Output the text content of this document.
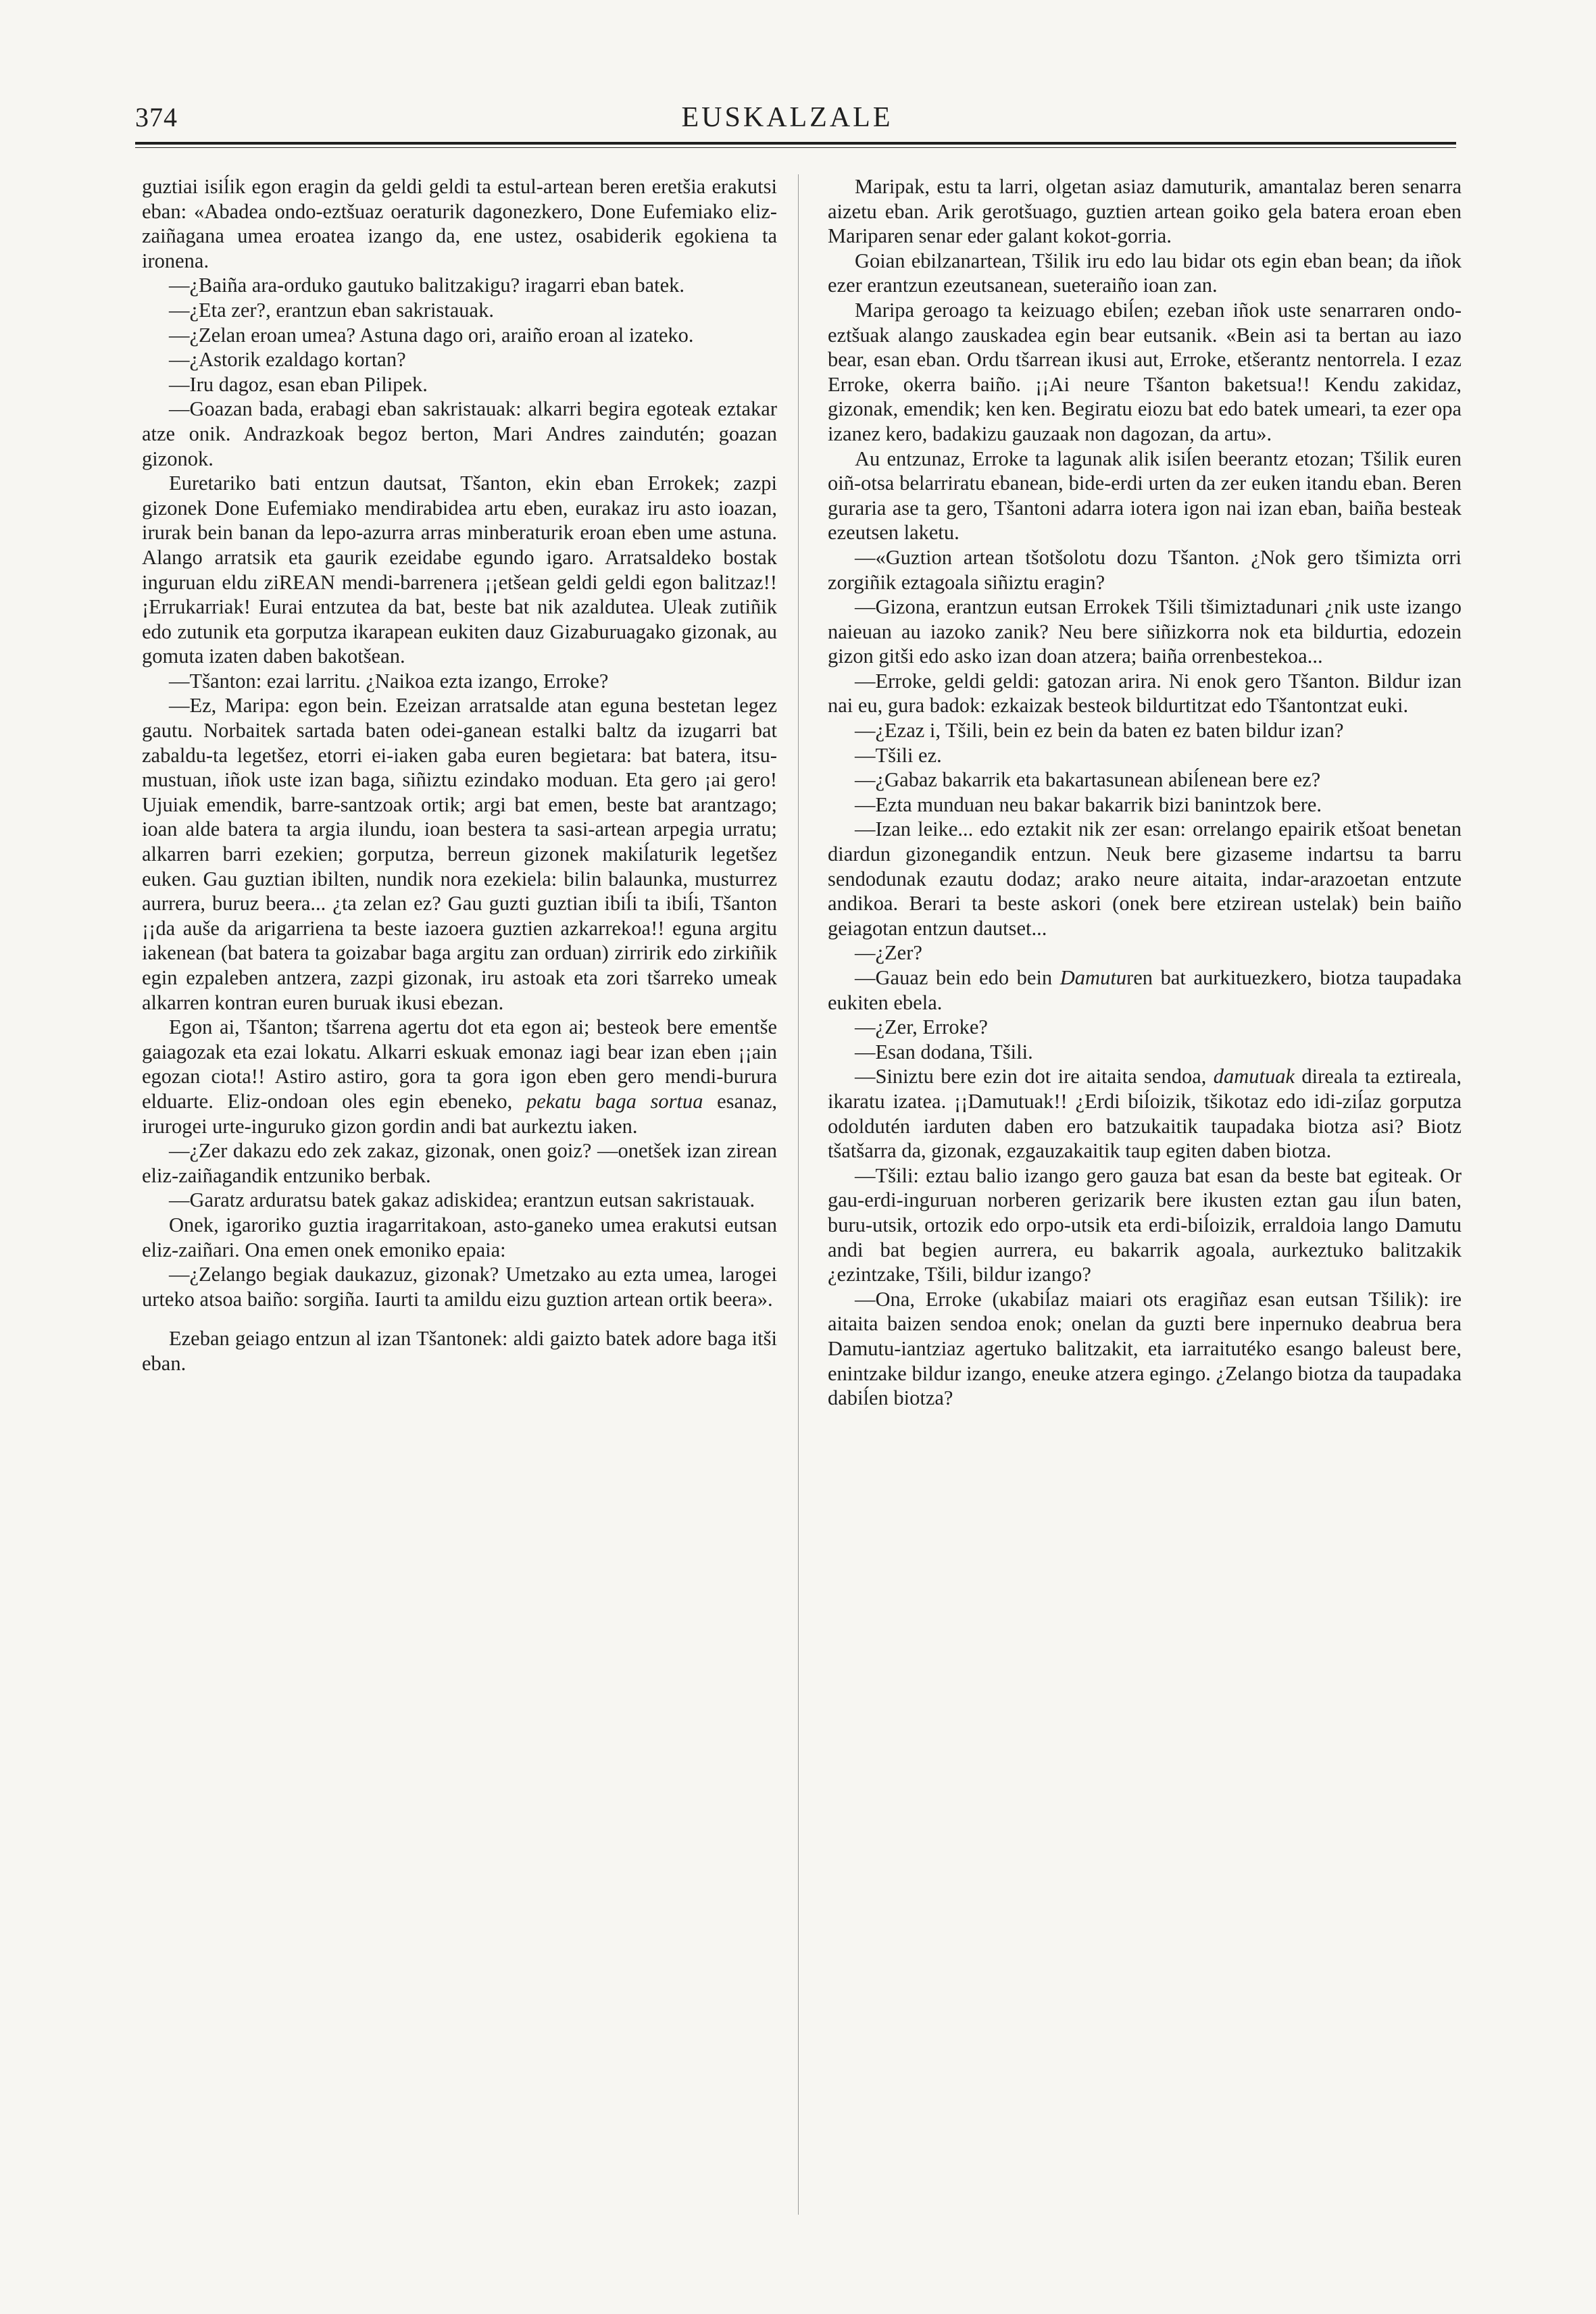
374	EUSKALZALE

guztiai isiĺik egon eragin da geldi geldi ta estul-artean beren eretšia erakutsi eban: «Abadea ondo-eztšuaz oeraturik dagonezkero, Done Eufemiako eliz-zaiñagana umea eroatea izango da, ene ustez, osabiderik egokiena ta ironena.

—¿Baiña ara-orduko gautuko balitzakigu? iragarri eban batek.

—¿Eta zer?, erantzun eban sakristauak.

—¿Zelan eroan umea? Astuna dago ori, araiño eroan al izateko.

—¿Astorik ezaldago kortan?

—Iru dagoz, esan eban Pilipek.

—Goazan bada, erabagi eban sakristauak: alkarri begira egoteak eztakar atze onik. Andrazkoak begoz berton, Mari Andres zaindutén; goazan gizonok.

Euretariko bati entzun dautsat, Tšanton, ekin eban Errokek; zazpi gizonek Done Eufemiako mendirabidea artu eben, eurakaz iru asto ioazan, irurak bein banan da lepo-azurra arras minberaturik eroan eben ume astuna. Alango arratsik eta gaurik ezeidabe egundo igaro. Arratsaldeko bostak inguruan eldu ziREAN mendi-barrenera ¡¡etšean geldi geldi egon balitzaz!! ¡Errukarriak! Eurai entzutea da bat, beste bat nik azaldutea. Uleak zutiñik edo zutunik eta gorputza ikarapean eukiten dauz Gizaburuagako gizonak, au gomuta izaten daben bakotšean.

—Tšanton: ezai larritu. ¿Naikoa ezta izango, Erroke?

—Ez, Maripa: egon bein. Ezeizan arratsalde atan eguna bestetan legez gautu. Norbaitek sartada baten odei-ganean estalki baltz da izugarri bat zabaldu-ta legetšez, etorri ei-iaken gaba euren begietara: bat batera, itsu-mustuan, iñok uste izan baga, siñiztu ezindako moduan. Eta gero ¡ai gero! Ujuiak emendik, barre-santzoak ortik; argi bat emen, beste bat arantzago; ioan alde batera ta argia ilundu, ioan bestera ta sasi-artean arpegia urratu; alkarren barri ezekien; gorputza, berreun gizonek makiĺaturik legetšez euken. Gau guztian ibilten, nundik nora ezekiela: bilin balaunka, musturrez aurrera, buruz beera... ¿ta zelan ez? Gau guzti guztian ibiĺi ta ibiĺi, Tšanton ¡¡da auše da arigarriena ta beste iazoera guztien azkarrekoa!! eguna argitu iakenean (bat batera ta goizabar baga argitu zan orduan) zirririk edo zirkiñik egin ezpaleben antzera, zazpi gizonak, iru astoak eta zori tšarreko umeak alkarren kontran euren buruak ikusi ebezan.

Egon ai, Tšanton; tšarrena agertu dot eta egon ai; besteok bere ementše gaiagozak eta ezai lokatu. Alkarri eskuak emonaz iagi bear izan eben ¡¡ain egozan ciota!! Astiro astiro, gora ta gora igon eben gero mendi-burura elduarte. Eliz-ondoan oles egin ebeneko, pekatu baga sortua esanaz, irurogei urte-inguruko gizon gordin andi bat aurkeztu iaken.

—¿Zer dakazu edo zek zakaz, gizonak, onen goiz? —onetšek izan zirean eliz-zaiñagandik entzuniko berbak.

—Garatz arduratsu batek gakaz adiskidea; erantzun eutsan sakristauak.

Onek, igaroriko guztia iragarritakoan, asto-ganeko umea erakutsi eutsan eliz-zaiñari. Ona emen onek emoniko epaia:

—¿Zelango begiak daukazuz, gizonak? Umetzako au ezta umea, larogei urteko atsoa baiño: sorgiña. Iaurti ta amildu eizu guztion artean ortik beera».

Ezeban geiago entzun al izan Tšantonek: aldi gaizto batek adore baga itši eban.

Maripak, estu ta larri, olgetan asiaz damuturik, amantalaz beren senarra aizetu eban. Arik gerotšuago, guztien artean goiko gela batera eroan eben Mariparen senar eder galant kokot-gorria.

Goian ebilzanartean, Tšilik iru edo lau bidar ots egin eban bean; da iñok ezer erantzun ezeutsanean, sueteraiño ioan zan.

Maripa geroago ta keizuago ebiĺen; ezeban iñok uste senarraren ondo-eztšuak alango zauskadea egin bear eutsanik. «Bein asi ta bertan au iazo bear, esan eban. Ordu tšarrean ikusi aut, Erroke, etšerantz nentorrela. I ezaz Erroke, okerra baiño. ¡¡Ai neure Tšanton baketsua!! Kendu zakidaz, gizonak, emendik; ken ken. Begiratu eiozu bat edo batek umeari, ta ezer opa izanez kero, badakizu gauzaak non dagozan, da artu».

Au entzunaz, Erroke ta lagunak alik isiĺen beerantz etozan; Tšilik euren oiñ-otsa belarriratu ebanean, bide-erdi urten da zer euken itandu eban. Beren guraria ase ta gero, Tšantoni adarra iotera igon nai izan eban, baiña besteak ezeutsen laketu.

—«Guztion artean tšotšolotu dozu Tšanton. ¿Nok gero tšimizta orri zorgiñik eztagoala siñiztu eragin?

—Gizona, erantzun eutsan Errokek Tšili tšimiztadunari ¿nik uste izango naieuan au iazoko zanik? Neu bere siñizkorra nok eta bildurtia, edozein gizon gitši edo asko izan doan atzera; baiña orrenbestekoa...

—Erroke, geldi geldi: gatozan arira. Ni enok gero Tšanton. Bildur izan nai eu, gura badok: ezkaizak besteok bildurtitzat edo Tšantontzat euki.

—¿Ezaz i, Tšili, bein ez bein da baten ez baten bildur izan?

—Tšili ez.

—¿Gabaz bakarrik eta bakartasunean abiĺenean bere ez?

—Ezta munduan neu bakar bakarrik bizi banintzok bere.

—Izan leike... edo eztakit nik zer esan: orrelango epairik etšoat benetan diardun gizonegandik entzun. Neuk bere gizaseme indartsu ta barru sendodunak ezautu dodaz; arako neure aitaita, indar-arazoetan entzute andikoa. Berari ta beste askori (onek bere etzirean ustelak) bein baiño geiagotan entzun dautset...

—¿Zer?

—Gauaz bein edo bein Damuturen bat aurkituezkero, biotza taupadaka eukiten ebela.

—¿Zer, Erroke?

—Esan dodana, Tšili.

—Siniztu bere ezin dot ire aitaita sendoa, damutuak direala ta eztireala, ikaratu izatea. ¡¡Damutuak!! ¿Erdi biĺoizik, tšikotaz edo idi-ziĺaz gorputza odoldutén iarduten daben ero batzukaitik taupadaka biotza asi? Biotz tšatšarra da, gizonak, ezgauzakaitik taup egiten daben biotza.

—Tšili: eztau balio izango gero gauza bat esan da beste bat egiteak. Or gau-erdi-inguruan norberen gerizarik bere ikusten eztan gau iĺun baten, buru-utsik, ortozik edo orpo-utsik eta erdi-biĺoizik, erraldoia lango Damutu andi bat begien aurrera, eu bakarrik agoala, aurkeztuko balitzakik ¿ezintzake, Tšili, bildur izango?

—Ona, Erroke (ukabiĺaz maiari ots eragiñaz esan eutsan Tšilik): ire aitaita baizen sendoa enok; onelan da guzti bere inpernuko deabrua bera Damutu-iantziaz agertuko balitzakit, eta iarraitutéko esango baleust bere, enintzake bildur izango, eneuke atzera egingo. ¿Zelango biotza da taupadaka dabiĺen biotza?
